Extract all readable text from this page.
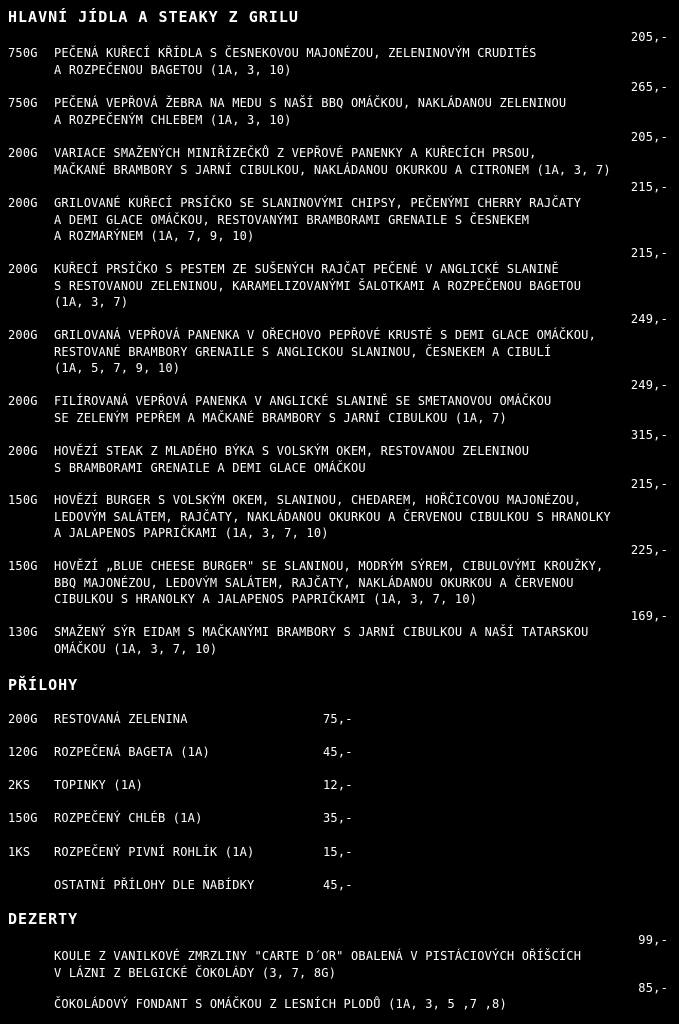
HLAVNÍ JÍDLA A STEAKY Z GRILU
750G PEČENÁ KUŘECÍ KŘÍDLA S ČESNEKOVOU MAJONÉZOU, ZELENINOVÝM CRUDITÉS
A ROZPEČENOU BAGETOU (1A, 3, 10)
205,-
750G PEČENÁ VEPŘOVÁ ŽEBRA NA MEDU S NAŠÍ BBQ OMÁČKOU, NAKLÁDANOU ZELENINOU
A ROZPEČENÝM CHLEBEM (1A, 3, 10)
265,-
200G VARIACE SMAŽENÝCH MINIŘÍZEČKŮ Z VEPŘOVÉ PANENKY A KUŘECÍCH PRSOU,
MAČKANÉ BRAMBORY S JARNÍ CIBULKOU, NAKLÁDANOU OKURKOU A CITRONEM (1A, 3, 7)
205,-
200G GRILOVANÉ KUŘECÍ PRSÍČKO SE SLANINOVÝMI CHIPSY, PEČENÝMI CHERRY RAJČATY
A DEMI GLACE OMÁČKOU, RESTOVANÝMI BRAMBORAMI GRENAILE S ČESNEKEM
A ROZMARÝNEM (1A, 7, 9, 10)
215,-
200G KUŘECÍ PRSÍČKO S PESTEM ZE SUŠENÝCH RAJČAT PEČENÉ V ANGLICKÉ SLANINĚ
S RESTOVANOU ZELENINOU, KARAMELIZOVANÝMI ŠALOTKAMI A ROZPEČENOU BAGETOU
(1A, 3, 7)
215,-
200G GRILOVANÁ VEPŘOVÁ PANENKA V OŘECHOVO PEPŘOVÉ KRUSTĚ S DEMI GLACE OMÁČKOU,
RESTOVANÉ BRAMBORY GRENAILE S ANGLICKOU SLANINOU, ČESNEKEM A CIBULÍ
(1A, 5, 7, 9, 10)
249,-
200G FILÍROVANÁ VEPŘOVÁ PANENKA V ANGLICKÉ SLANINĚ SE SMETANOVOU OMÁČKOU
SE ZELENÝM PEPŘEM A MAČKANÉ BRAMBORY S JARNÍ CIBULKOU (1A, 7)
249,-
200G HOVĚZÍ STEAK Z MLADÉHO BÝKA S VOLSKÝM OKEM, RESTOVANOU ZELENINOU
S BRAMBORAMI GRENAILE A DEMI GLACE OMÁČKOU
315,-
150G HOVĚZÍ BURGER S VOLSKÝM OKEM, SLANINOU, CHEDAREM, HOŘČICOVOU MAJONÉZOU,
LEDOVÝM SALÁTEM, RAJČATY, NAKLÁDANOU OKURKOU A ČERVENOU CIBULKOU S HRANOLKY
A JALAPENOS PAPRIČKAMI (1A, 3, 7, 10)
215,-
150G HOVĚZÍ „BLUE CHEESE BURGER" SE SLANINOU, MODRÝM SÝREM, CIBULOVÝMI KROUŽKY,
BBQ MAJONÉZOU, LEDOVÝM SALÁTEM, RAJČATY, NAKLÁDANOU OKURKOU A ČERVENOU
CIBULKOU S HRANOLKY A JALAPENOS PAPRIČKAMI (1A, 3, 7, 10)
225,-
130G SMAŽENÝ SÝR EIDAM S MAČKANÝMI BRAMBORY S JARNÍ CIBULKOU A NAŠÍ TATARSKOU
OMÁČKOU (1A, 3, 7, 10)
169,-
PŘÍLOHY
200G RESTOVANÁ ZELENINA	75,-
120G ROZPEČENÁ BAGETA (1A)	45,-
2KS TOPINKY (1A)	12,-
150G ROZPEČENÝ CHLÉB (1A)	35,-
1KS ROZPEČENÝ PIVNÍ ROHLÍK (1A)	15,-
OSTATNÍ PŘÍLOHY DLE NABÍDKY	45,-
DEZERTY
KOULE Z VANILKOVÉ ZMRZLINY "CARTE D´OR" OBALENÁ V PISTÁCIOVÝCH OŘÍŠCÍCH
V LÁZNI Z BELGICKÉ ČOKOLÁDY (3, 7, 8G)
99,-
ČOKOLÁDOVÝ FONDANT S OMÁČKOU Z LESNÍCH PLODŮ (1A, 3, 5 ,7 ,8)
85,-
